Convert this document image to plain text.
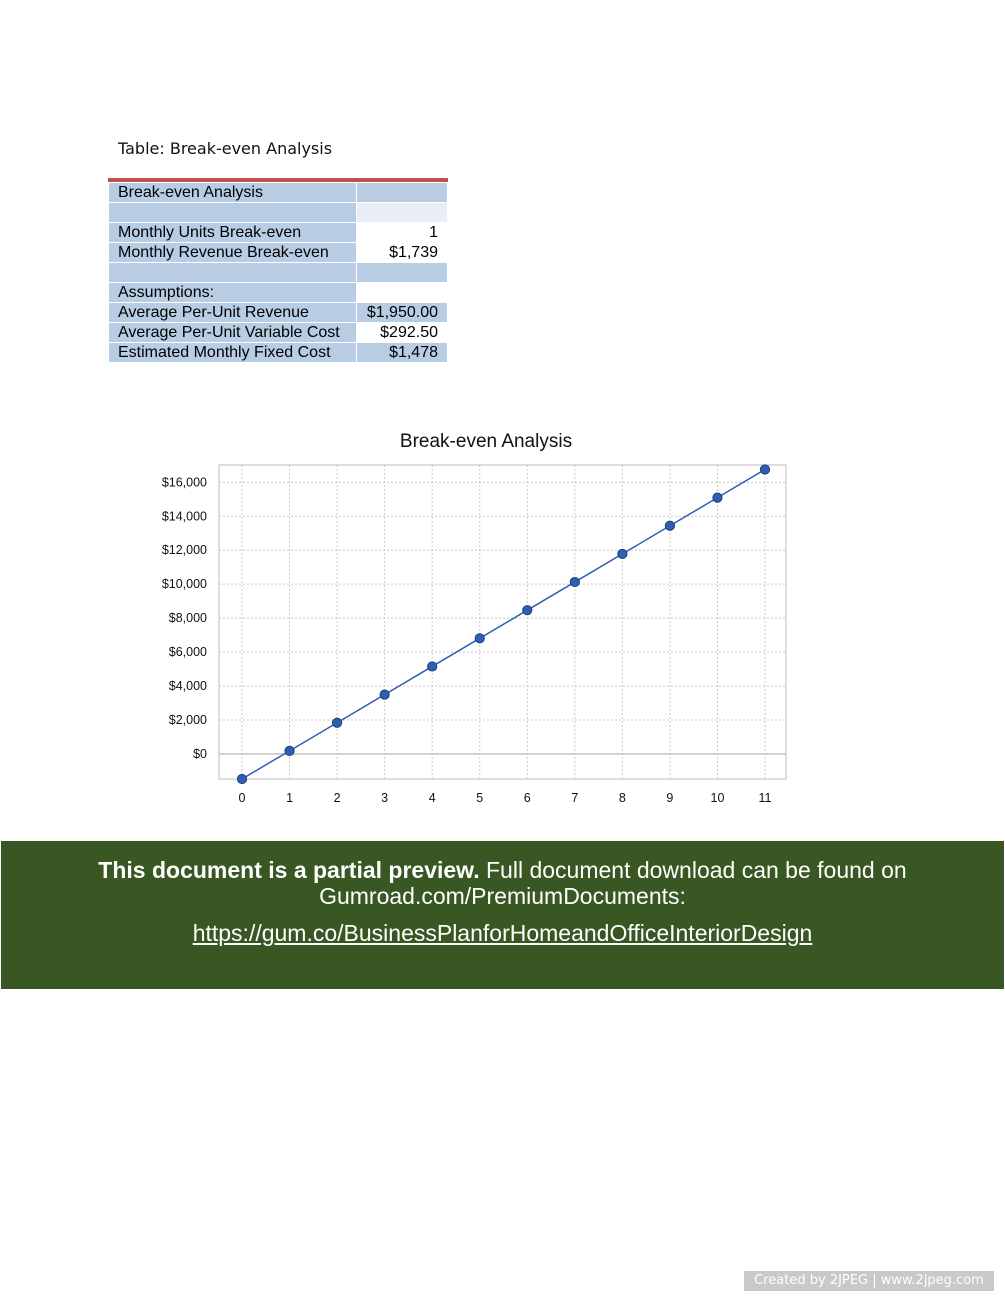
Table: Break-even Analysis
Break-even Analysis	

Monthly Units Break-even	1
Monthly Revenue Break-even	$1,739

Assumptions:	
Average Per-Unit Revenue	$1,950.00
Average Per-Unit Variable Cost	$292.50
Estimated Monthly Fixed Cost	$1,478
Break-even Analysis
$0
$2,000
$4,000
$6,000
$8,000
$10,000
$12,000
$14,000
$16,000
0	1	2	3	4	5	6	7	8	9	10	11
This document is a partial preview. Full document download can be found on
Gumroad.com/PremiumDocuments:
https://gum.co/BusinessPlanforHomeandOfficeInteriorDesign
Created by 2JPEG | www.2jpeg.com
